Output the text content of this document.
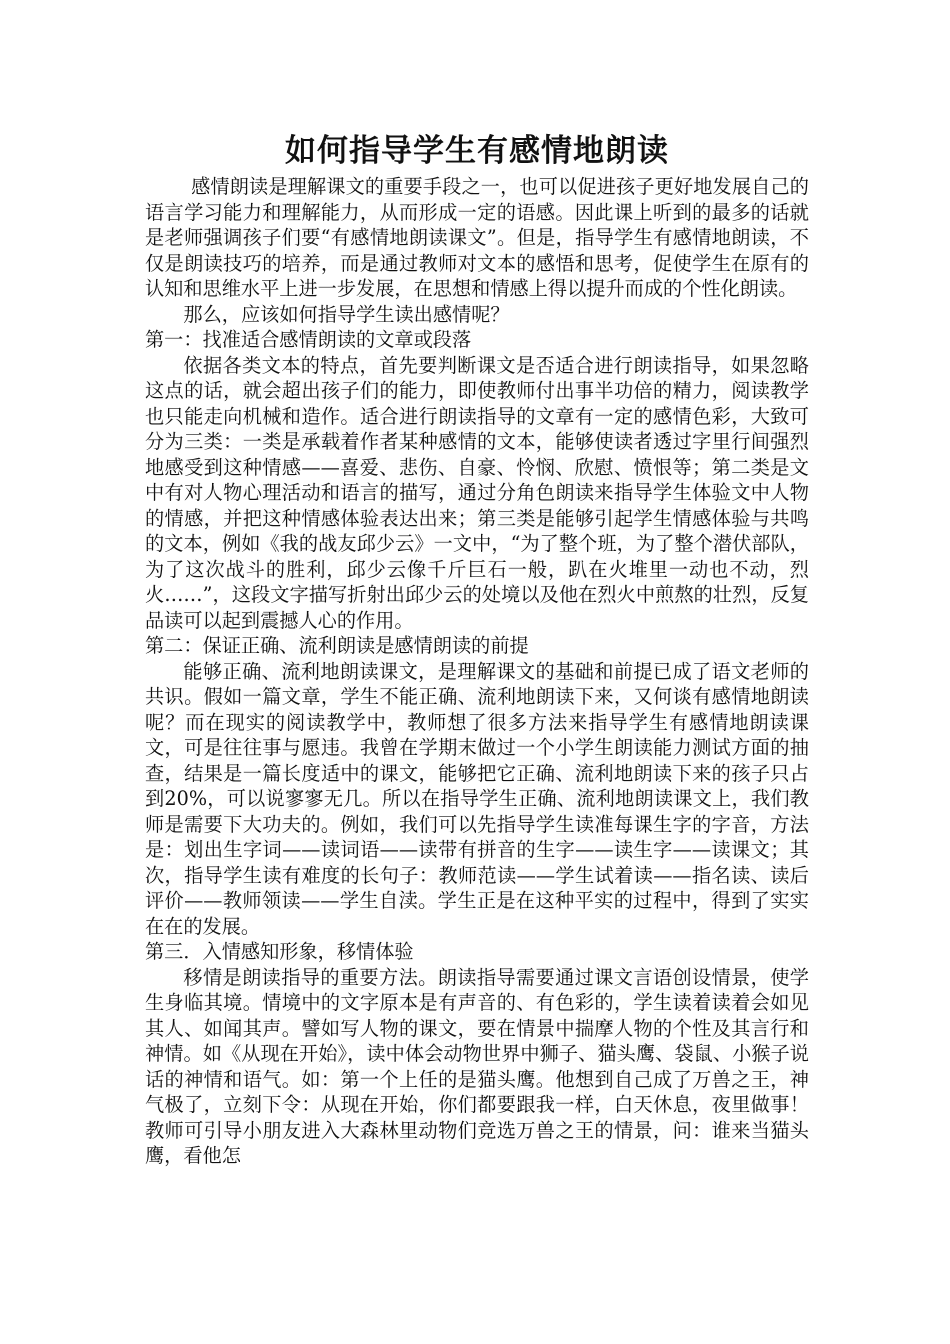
如何指导学生有感情地朗读

感情朗读是理解课文的重要手段之一，也可以促进孩子更好地发展自己的语言学习能力和理解能力，从而形成一定的语感。因此课上听到的最多的话就是老师强调孩子们要“有感情地朗读课文”。但是，指导学生有感情地朗读，不仅是朗读技巧的培养，而是通过教师对文本的感悟和思考，促使学生在原有的认知和思维水平上进一步发展，在思想和情感上得以提升而成的个性化朗读。

那么，应该如何指导学生读出感情呢？

第一：找准适合感情朗读的文章或段落

依据各类文本的特点，首先要判断课文是否适合进行朗读指导，如果忽略这点的话，就会超出孩子们的能力，即使教师付出事半功倍的精力，阅读教学也只能走向机械和造作。适合进行朗读指导的文章有一定的感情色彩，大致可分为三类：一类是承载着作者某种感情的文本，能够使读者透过字里行间强烈地感受到这种情感——喜爱、悲伤、自豪、怜悯、欣慰、愤恨等；第二类是文中有对人物心理活动和语言的描写，通过分角色朗读来指导学生体验文中人物的情感，并把这种情感体验表达出来；第三类是能够引起学生情感体验与共鸣的文本，例如《我的战友邱少云》一文中，“为了整个班，为了整个潜伏部队，为了这次战斗的胜利，邱少云像千斤巨石一般，趴在火堆里一动也不动，烈火……”，这段文字描写折射出邱少云的处境以及他在烈火中煎熬的壮烈，反复品读可以起到震撼人心的作用。

第二：保证正确、流利朗读是感情朗读的前提

能够正确、流利地朗读课文，是理解课文的基础和前提已成了语文老师的共识。假如一篇文章，学生不能正确、流利地朗读下来，又何谈有感情地朗读呢？而在现实的阅读教学中，教师想了很多方法来指导学生有感情地朗读课文，可是往往事与愿违。我曾在学期末做过一个小学生朗读能力测试方面的抽查，结果是一篇长度适中的课文，能够把它正确、流利地朗读下来的孩子只占到20%，可以说寥寥无几。所以在指导学生正确、流利地朗读课文上，我们教师是需要下大功夫的。例如，我们可以先指导学生读准每课生字的字音，方法是：划出生字词——读词语——读带有拼音的生字——读生字——读课文；其次，指导学生读有难度的长句子：教师范读——学生试着读——指名读、读后评价——教师领读——学生自渎。学生正是在这种平实的过程中，得到了实实在在的发展。

第三．入情感知形象，移情体验

移情是朗读指导的重要方法。朗读指导需要通过课文言语创设情景，使学生身临其境。情境中的文字原本是有声音的、有色彩的，学生读着读着会如见其人、如闻其声。譬如写人物的课文，要在情景中揣摩人物的个性及其言行和神情。如《从现在开始》，读中体会动物世界中狮子、猫头鹰、袋鼠、小猴子说话的神情和语气。如：第一个上任的是猫头鹰。他想到自己成了万兽之王，神气极了，立刻下令：从现在开始，你们都要跟我一样，白天休息，夜里做事！教师可引导小朋友进入大森林里动物们竞选万兽之王的情景，问：谁来当猫头鹰，看他怎
